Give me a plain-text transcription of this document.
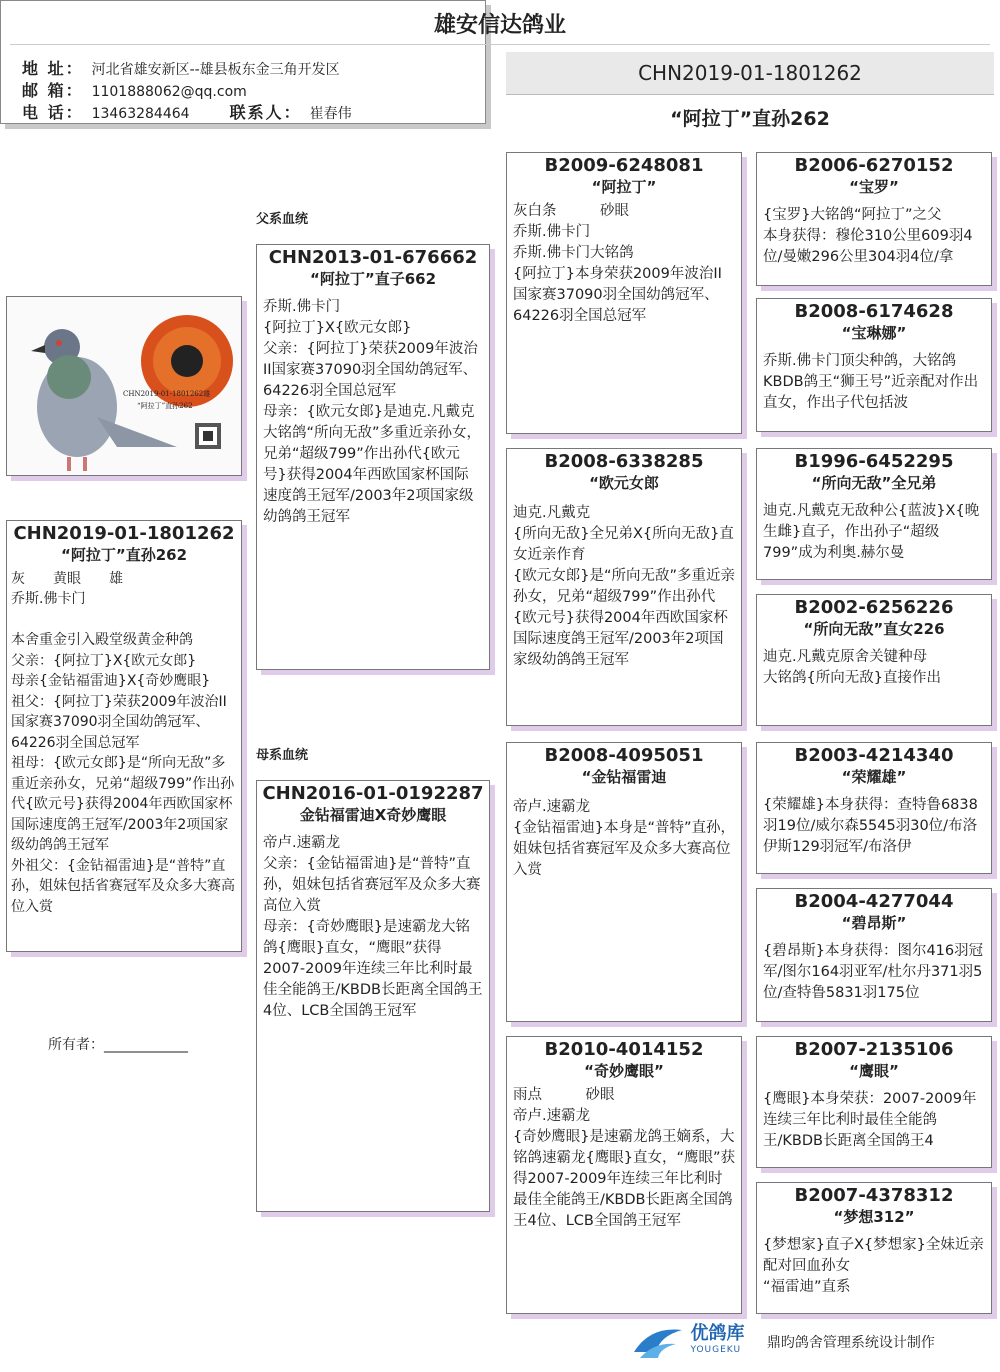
雄安信达鸽业
地 址： 河北省雄安新区--雄县板东金三角开发区
邮 箱： 1101888062@qq.com
电 话： 13463284464	联系人： 崔春伟
CHN2019-01-1801262
“阿拉丁”直孙262
CHN2019-01-1801262雄
“阿拉丁”直孙262
CHN2019-01-1801262
“阿拉丁”直孙262
灰　　黄眼　　雄
乔斯.佛卡门

本舍重金引入殿堂级黄金种鸽
父亲：{阿拉丁}X{欧元女郎}
母亲{金钻福雷迪}X{奇妙鹰眼}
祖父：{阿拉丁}荣获2009年波治II国家赛37090羽全国幼鸽冠军、64226羽全国总冠军
祖母：{欧元女郎}是“所向无敌”多重近亲孙女，兄弟“超级799”作出孙代{欧元号}获得2004年西欧国家杯国际速度鸽王冠军/2003年2项国家级幼鸽鸽王冠军
外祖父：{金钻福雷迪}是“普特”直孙，姐妹包括省赛冠军及众多大赛高位入赏
所有者：____________
父系血统
母系血统
CHN2013-01-676662
“阿拉丁”直子662
乔斯.佛卡门
{阿拉丁}X{欧元女郎}
父亲：{阿拉丁}荣获2009年波治II国家赛37090羽全国幼鸽冠军、64226羽全国总冠军
母亲：{欧元女郎}是迪克.凡戴克大铭鸽“所向无敌”多重近亲孙女，兄弟“超级799”作出孙代{欧元号}获得2004年西欧国家杯国际速度鸽王冠军/2003年2项国家级幼鸽鸽王冠军
CHN2016-01-0192287
金钻福雷迪X奇妙鹰眼
帝卢.速霸龙
父亲：{金钻福雷迪}是“普特”直孙，姐妹包括省赛冠军及众多大赛高位入赏
母亲：{奇妙鹰眼}是速霸龙大铭鸽{鹰眼}直女，“鹰眼”获得2007-2009年连续三年比利时最佳全能鸽王/KBDB长距离全国鸽王4位、LCB全国鸽王冠军
B2009-6248081
“阿拉丁”
灰白条　　　砂眼
乔斯.佛卡门
乔斯.佛卡门大铭鸽
{阿拉丁}本身荣获2009年波治II国家赛37090羽全国幼鸽冠军、64226羽全国总冠军
B2008-6338285
“欧元女郎
迪克.凡戴克
{所向无敌}全兄弟X{所向无敌}直女近亲作育
{欧元女郎}是“所向无敌”多重近亲孙女，兄弟“超级799”作出孙代{欧元号}获得2004年西欧国家杯国际速度鸽王冠军/2003年2项国家级幼鸽鸽王冠军
B2008-4095051
“金钻福雷迪
帝卢.速霸龙
{金钻福雷迪}本身是“普特”直孙，姐妹包括省赛冠军及众多大赛高位入赏
B2010-4014152
“奇妙鹰眼”
雨点　　　砂眼
帝卢.速霸龙
{奇妙鹰眼}是速霸龙鸽王嫡系，大铭鸽速霸龙{鹰眼}直女，“鹰眼”获得2007-2009年连续三年比利时最佳全能鸽王/KBDB长距离全国鸽王4位、LCB全国鸽王冠军
B2006-6270152
“宝罗”
{宝罗}大铭鸽“阿拉丁”之父
本身获得：穆伦310公里609羽4位/曼嫩296公里304羽4位/拿
B2008-6174628
“宝琳娜”
乔斯.佛卡门顶尖种鸽，大铭鸽KBDB鸽王“狮王号”近亲配对作出直女，作出子代包括波
B1996-6452295
“所向无敌”全兄弟
迪克.凡戴克无敌种公{蓝波}X{晚生雌}直子，作出孙子“超级799”成为利奥.赫尔曼
B2002-6256226
“所向无敌”直女226
迪克.凡戴克原舍关键种母
大铭鸽{所向无敌}直接作出
B2003-4214340
“荣耀雄”
{荣耀雄}本身获得：查特鲁6838羽19位/威尔森5545羽30位/布洛伊斯129羽冠军/布洛伊
B2004-4277044
“碧昂斯”
{碧昂斯}本身获得：图尔416羽冠军/图尔164羽亚军/杜尔丹371羽5位/查特鲁5831羽175位
B2007-2135106
“鹰眼”
{鹰眼}本身荣获：2007-2009年连续三年比利时最佳全能鸽王/KBDB长距离全国鸽王4
B2007-4378312
“梦想312”
{梦想家}直子X{梦想家}全妹近亲配对回血孙女
“福雷迪”直系

优鸽库
YOUGEKU 鼎昀鸽舍管理系统设计制作
